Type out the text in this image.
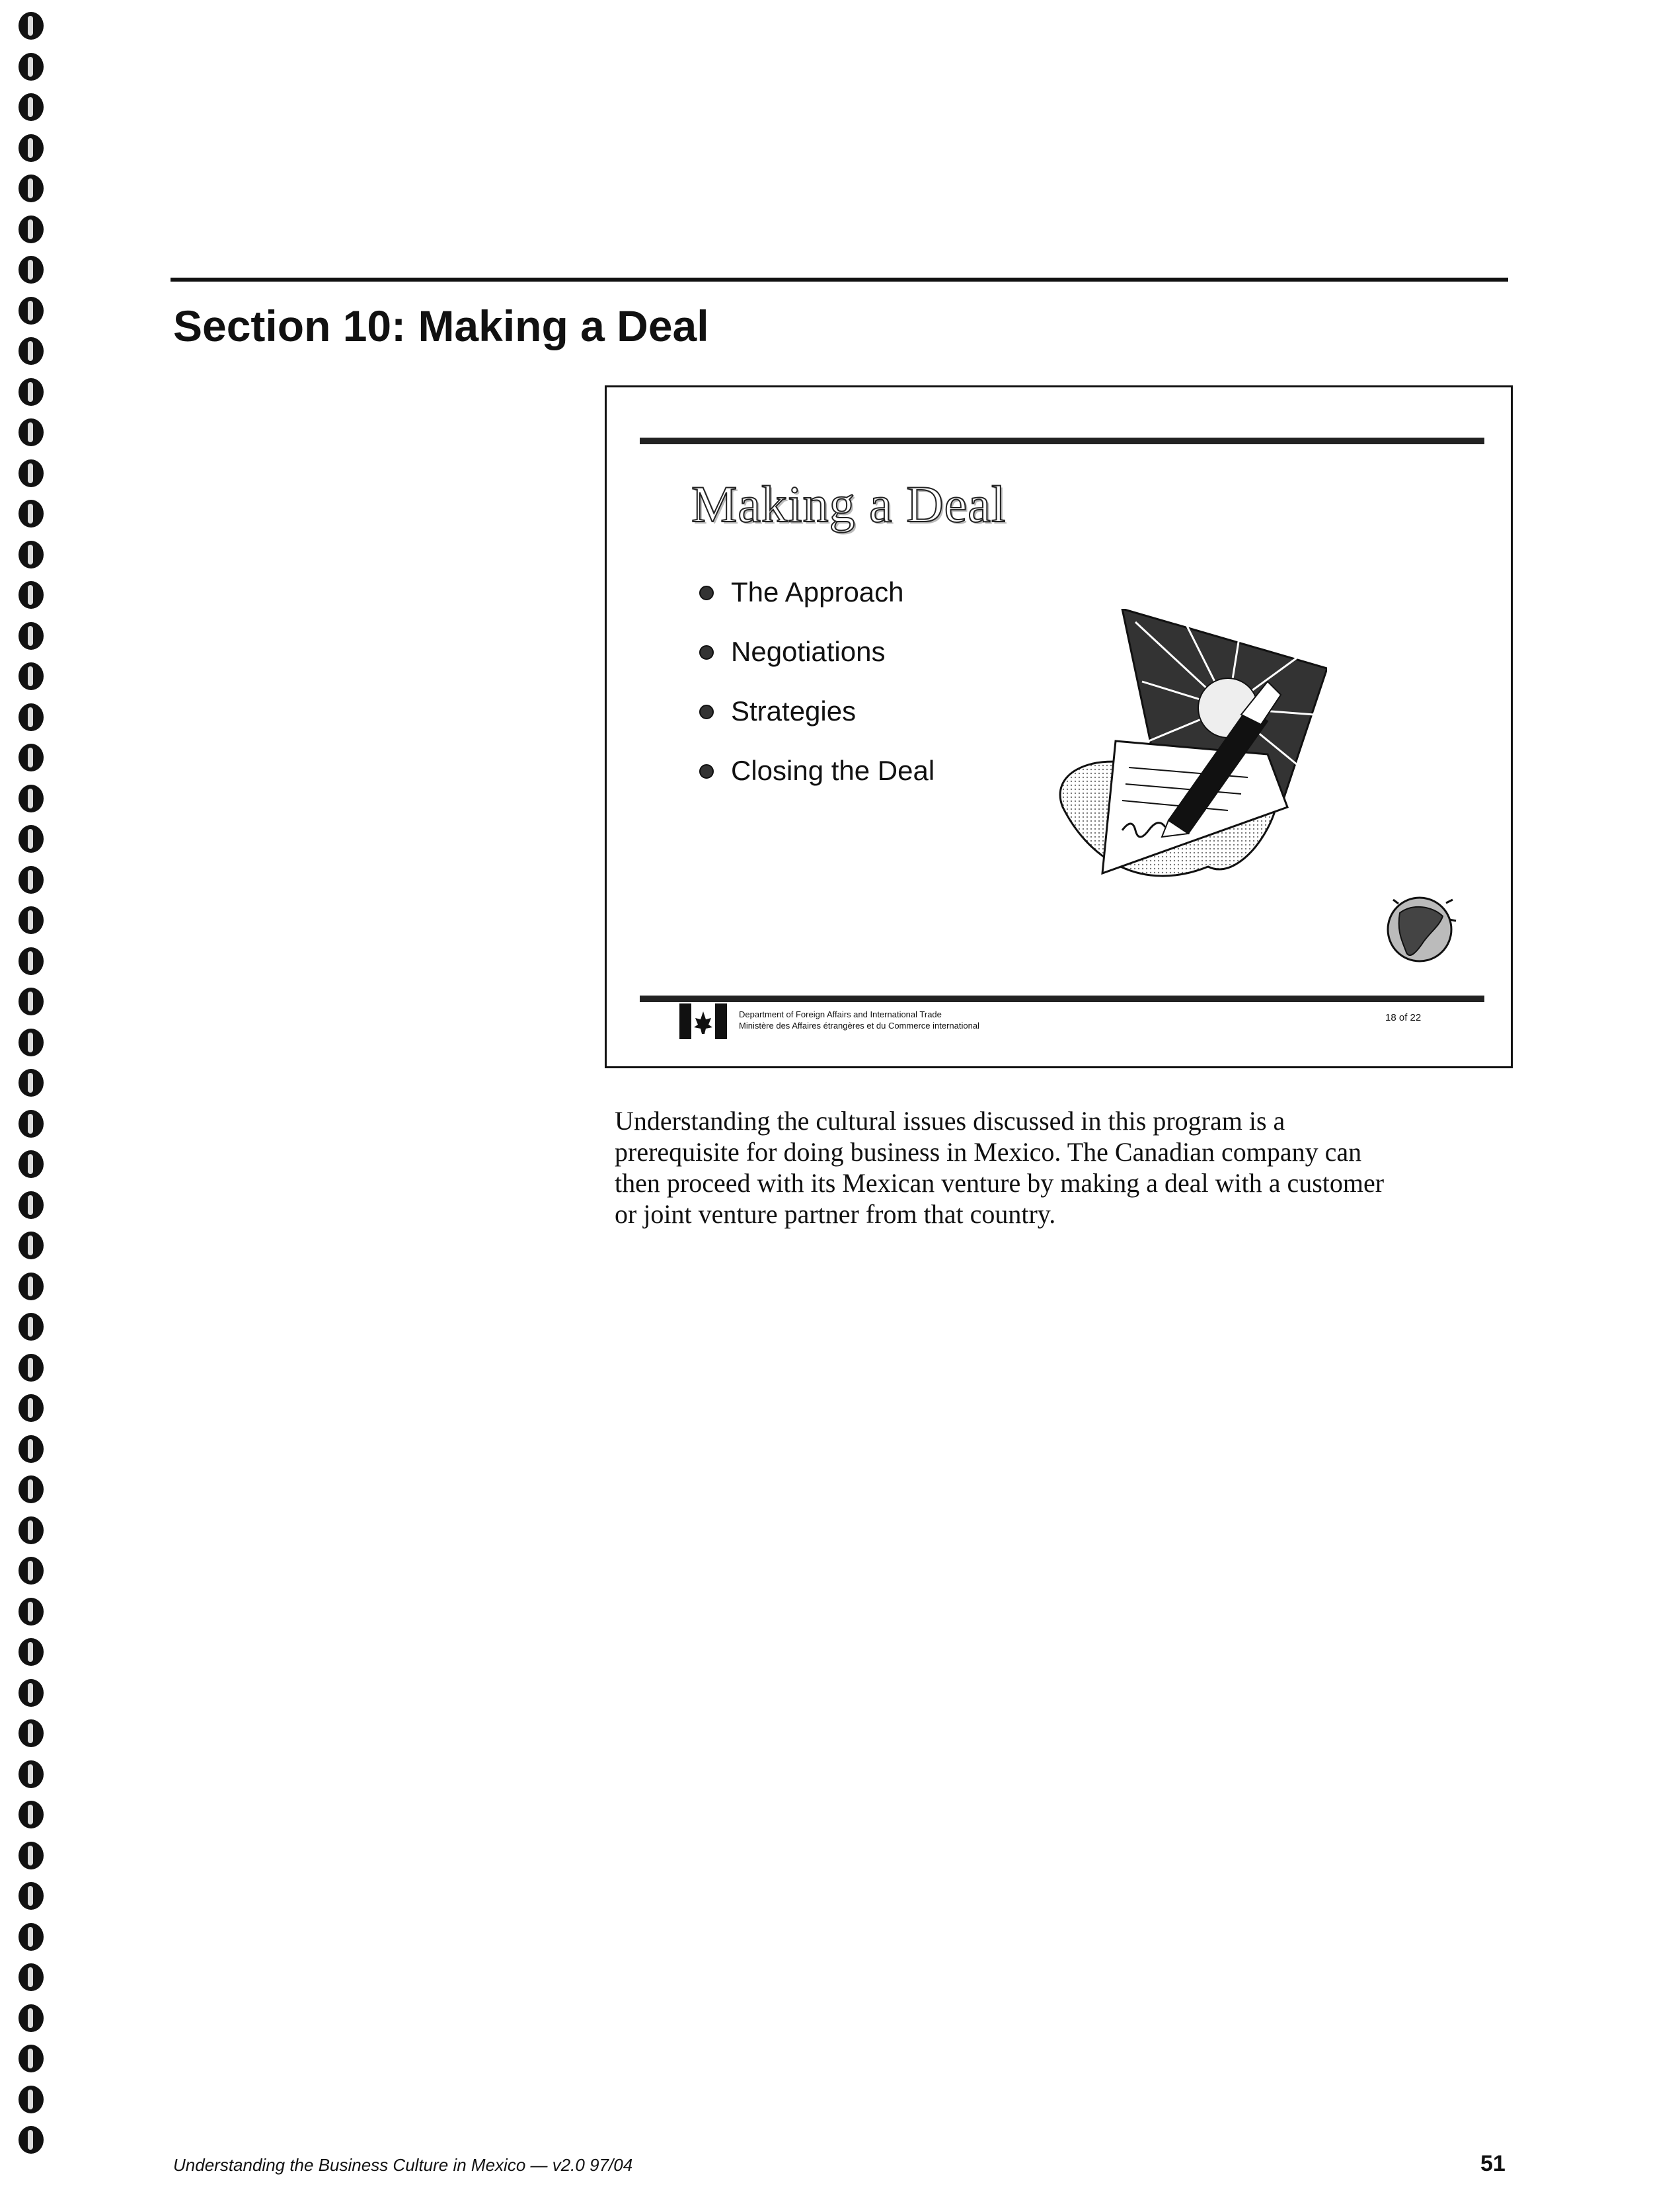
Section 10: Making a Deal
Making a Deal
The Approach
Negotiations
Strategies
Closing the Deal
Department of Foreign Affairs and International Trade
Ministère des Affaires étrangères et du Commerce international
18 of 22
Understanding the cultural issues discussed in this program is a
prerequisite for doing business in Mexico. The Canadian company can
then proceed with its Mexican venture by making a deal with a customer
or joint venture partner from that country.
Understanding the Business Culture in Mexico — v2.0 97/04	51
